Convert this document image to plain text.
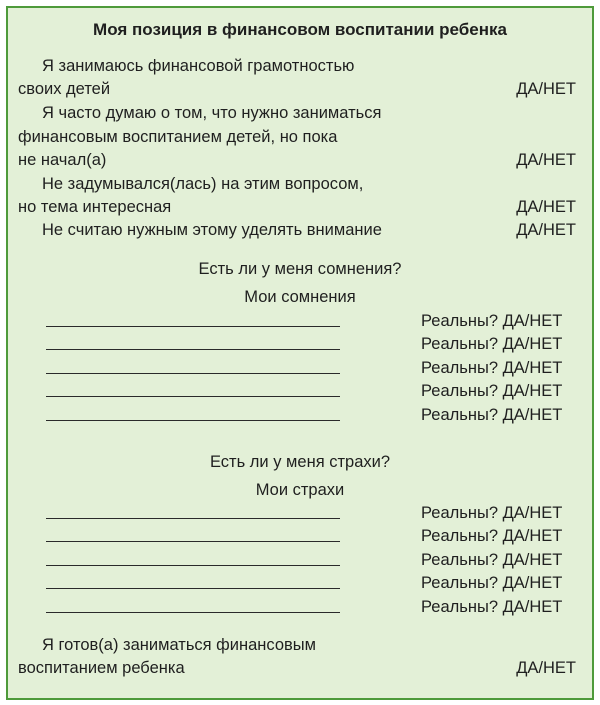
Моя позиция в финансовом воспитании ребенка
Я занимаюсь финансовой грамотностью
своих детей	ДА/НЕТ
Я часто думаю о том, что нужно заниматься
финансовым воспитанием детей, но пока
не начал(а)	ДА/НЕТ
Не задумывался(лась) на этим вопросом,
но тема интересная	ДА/НЕТ
Не считаю нужным этому уделять внимание	ДА/НЕТ
Есть ли у меня сомнения?
Мои сомнения
Реальны? ДА/НЕТ
Реальны? ДА/НЕТ
Реальны? ДА/НЕТ
Реальны? ДА/НЕТ
Реальны? ДА/НЕТ
Есть ли у меня страхи?
Мои страхи
Реальны? ДА/НЕТ
Реальны? ДА/НЕТ
Реальны? ДА/НЕТ
Реальны? ДА/НЕТ
Реальны? ДА/НЕТ
Я готов(а) заниматься финансовым
воспитанием ребенка	ДА/НЕТ
